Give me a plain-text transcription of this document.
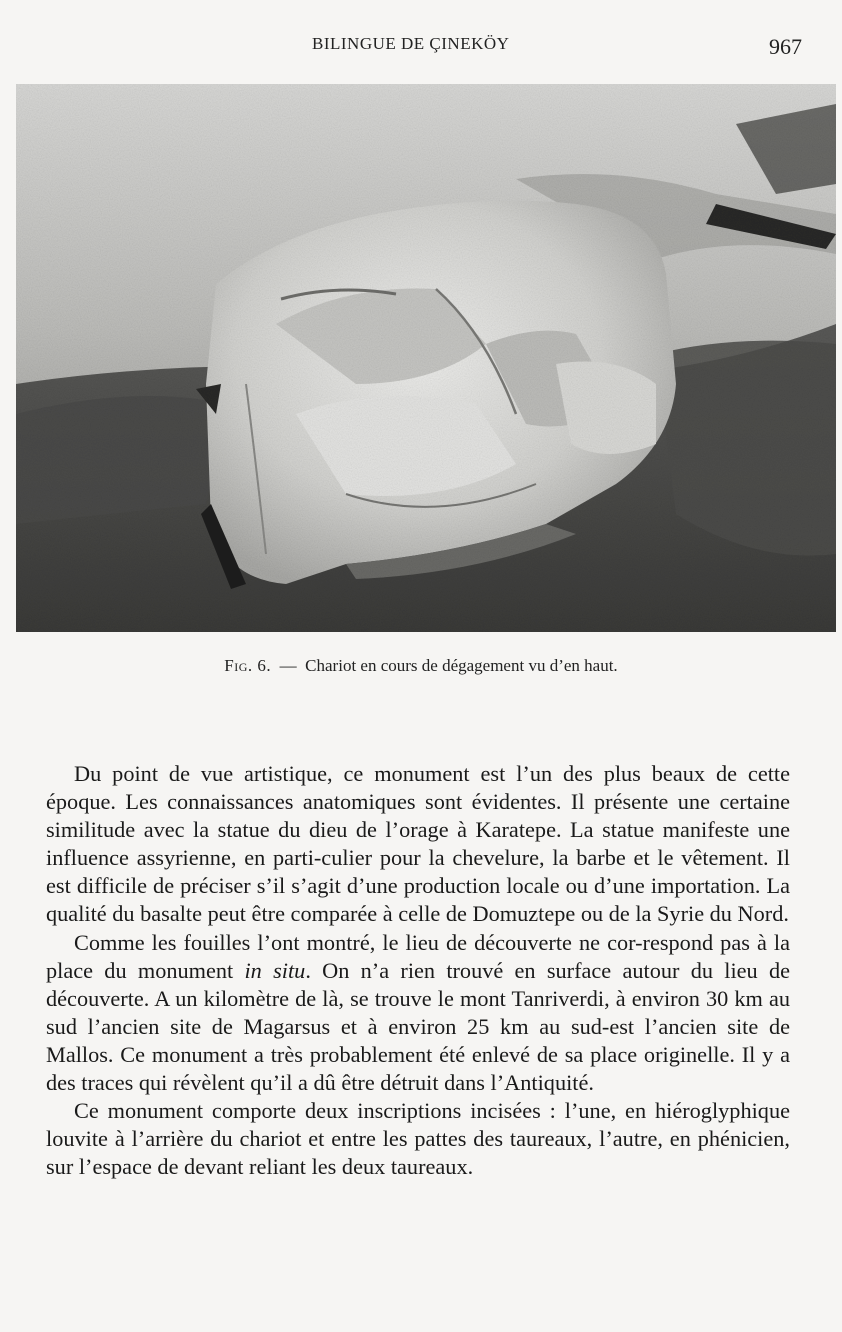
BILINGUE DE ÇINEKÖY	967
Fig. 6. — Chariot en cours de dégagement vu d’en haut.

Du point de vue artistique, ce monument est l’un des plus beaux de cette époque. Les connaissances anatomiques sont évidentes. Il présente une certaine similitude avec la statue du dieu de l’orage à Karatepe. La statue manifeste une influence assyrienne, en parti-culier pour la chevelure, la barbe et le vêtement. Il est difficile de préciser s’il s’agit d’une production locale ou d’une importation. La qualité du basalte peut être comparée à celle de Domuztepe ou de la Syrie du Nord.

Comme les fouilles l’ont montré, le lieu de découverte ne cor-respond pas à la place du monument in situ. On n’a rien trouvé en surface autour du lieu de découverte. A un kilomètre de là, se trouve le mont Tanriverdi, à environ 30 km au sud l’ancien site de Magarsus et à environ 25 km au sud-est l’ancien site de Mallos. Ce monument a très probablement été enlevé de sa place originelle. Il y a des traces qui révèlent qu’il a dû être détruit dans l’Antiquité.

Ce monument comporte deux inscriptions incisées : l’une, en hiéroglyphique louvite à l’arrière du chariot et entre les pattes des taureaux, l’autre, en phénicien, sur l’espace de devant reliant les deux taureaux.
